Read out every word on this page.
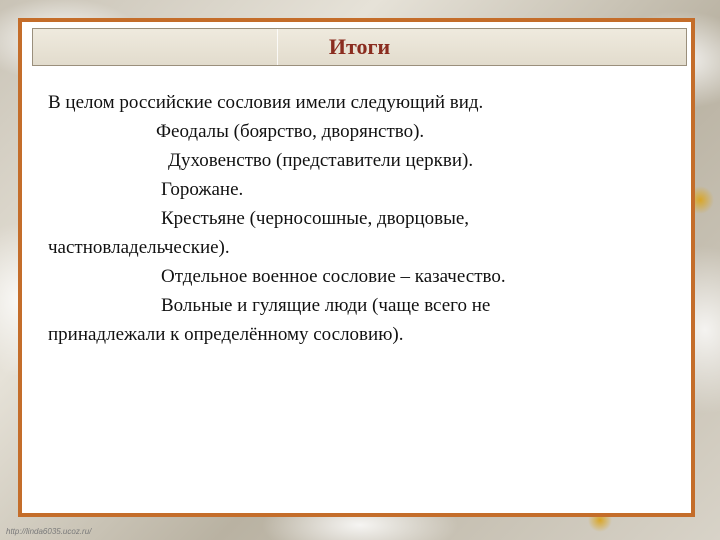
Итоги
В целом российские сословия имели следующий вид.
Феодалы (боярство, дворянство).
Духовенство (представители церкви).
Горожане.
Крестьяне (черносошные, дворцовые,
частновладельческие).
Отдельное военное сословие – казачество.
Вольные и гулящие люди (чаще всего не
принадлежали к определённому сословию).
http://linda6035.ucoz.ru/
